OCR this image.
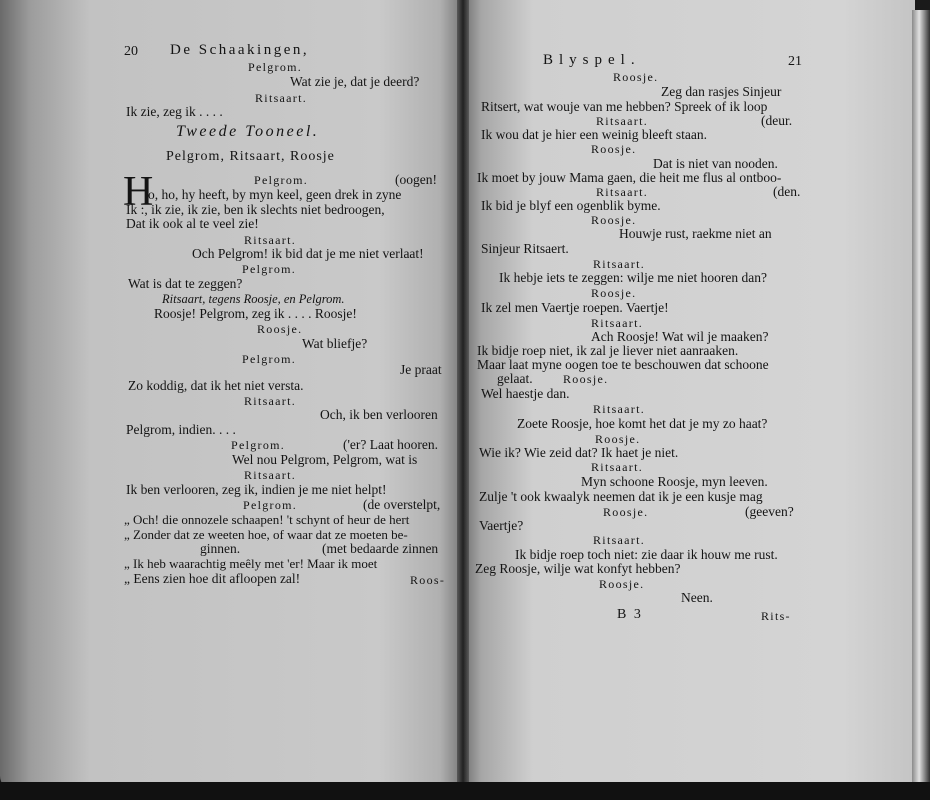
20 De Schaakingen,
Pelgrom.
Wat zie je, dat je deerd?
Ritsaart.
Ik zie, zeg ik . . . .
Tweede Tooneel.
Pelgrom, Ritsaart, Roosje
H	Pelgrom.	(oogen!
o, ho, hy heeft, by myn keel, geen drek in zyne
Ik :, ik zie, ik zie, ben ik slechts niet bedroogen,
Dat ik ook al te veel zie!
Ritsaart.
Och Pelgrom! ik bid dat je me niet verlaat!
Pelgrom.
Wat is dat te zeggen?
Ritsaart, tegens Roosje, en Pelgrom.
Roosje! Pelgrom, zeg ik . . . . Roosje!
Roosje.
Wat bliefje?
Pelgrom.
Je praat
Zo koddig, dat ik het niet versta.
Ritsaart.
Och, ik ben verlooren
Pelgrom, indien. . . .
Pelgrom.	('er? Laat hooren.
Wel nou Pelgrom, Pelgrom, wat is
Ritsaart.
Ik ben verlooren, zeg ik, indien je me niet helpt!
Pelgrom.	(de overstelpt,
„ Och! die onnozele schaapen! 't schynt of heur de hert
„ Zonder dat ze weeten hoe, of waar dat ze moeten be-
ginnen.	(met bedaarde zinnen
„ Ik heb waarachtig meêly met 'er! Maar ik moet
„ Eens zien hoe dit afloopen zal!	Roos-
Blyspel.	21
Roosje.
Zeg dan rasjes Sinjeur
Ritsert, wat wouje van me hebben? Spreek of ik loop
Ritsaart.	(deur.
Ik wou dat je hier een weinig bleeft staan.
Roosje.
Dat is niet van nooden.
Ik moet by jouw Mama gaen, die heit me flus al ontboo-
Ritsaart.	(den.
Ik bid je blyf een ogenblik byme.
Roosje.
Houwje rust, raekme niet an
Sinjeur Ritsaert.
Ritsaart.
Ik hebje iets te zeggen: wilje me niet hooren dan?
Roosje.
Ik zel men Vaertje roepen. Vaertje!
Ritsaart.
Ach Roosje! Wat wil je maaken?
Ik bidje roep niet, ik zal je liever niet aanraaken.
Maar laat myne oogen toe te beschouwen dat schoone
gelaat.	Roosje.
Wel haestje dan.
Ritsaart.
Zoete Roosje, hoe komt het dat je my zo haat?
Roosje.
Wie ik? Wie zeid dat? Ik haet je niet.
Ritsaart.
Myn schoone Roosje, myn leeven.
Zulje 't ook kwaalyk neemen dat ik je een kusje mag
Roosje.	(geeven?
Vaertje?
Ritsaart.
Ik bidje roep toch niet: zie daar ik houw me rust.
Zeg Roosje, wilje wat konfyt hebben?
Roosje.
Neen.
B 3	Rits-
